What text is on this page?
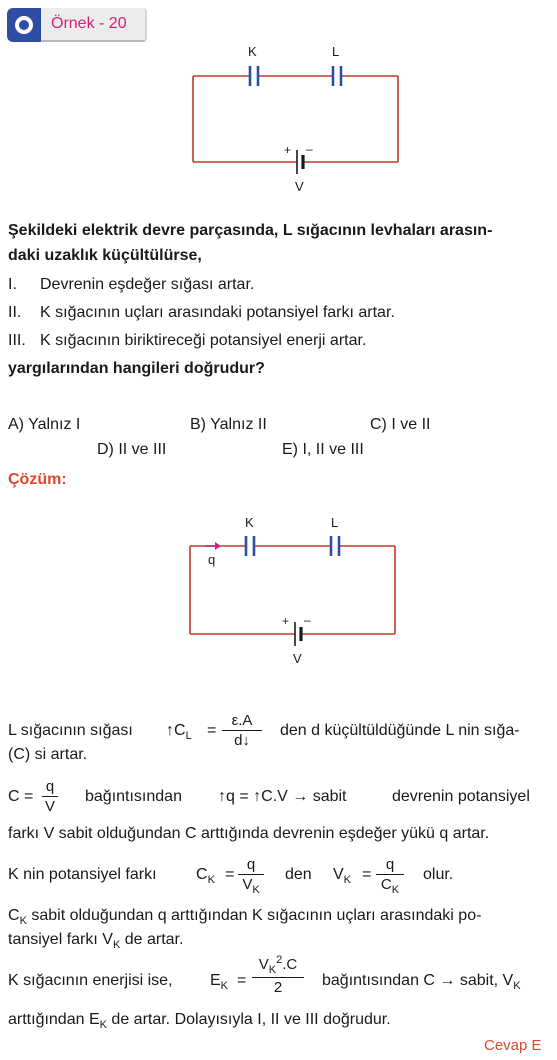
Örnek - 20
K	L
+ –
V
Şekildeki elektrik devre parçasında, L sığacının levhaları arasın-
daki uzaklık küçültülürse,
I. Devrenin eşdeğer sığası artar.
II. K sığacının uçları arasındaki potansiyel farkı artar.
III. K sığacının biriktireceği potansiyel enerji artar.
yargılarından hangileri doğrudur?
A) Yalnız I	B) Yalnız II	C) I ve II
D) II ve III	E) I, II ve III
Çözüm:
K	L
q
+ –
V
L sığacının sığası $↑C_L$ =
ε.A
d↓
den d küçültüldüğünde L nin sığa-
(C) si artar.
C =
q
V
bağıntısından ↑q = ↑C.V → sabit	devrenin potansiyel
farkı V sabit olduğundan C arttığında devrenin eşdeğer yükü q artar.
K nin potansiyel farkı $C_K$ =
q
$V_K$
den $V_K$ =
q
$C_K$
olur.
$C_K$ sabit olduğundan q arttığından K sığacının uçları arasındaki po-
tansiyel farkı $V_K$ de artar.
K sığacının enerjisi ise, $E_K$ =
$V_K^2.C$
2	bağıntısından C → sabit, $V_K$
arttığından $E_K$ de artar. Dolayısıyla I, II ve III doğrudur.
Cevap E
